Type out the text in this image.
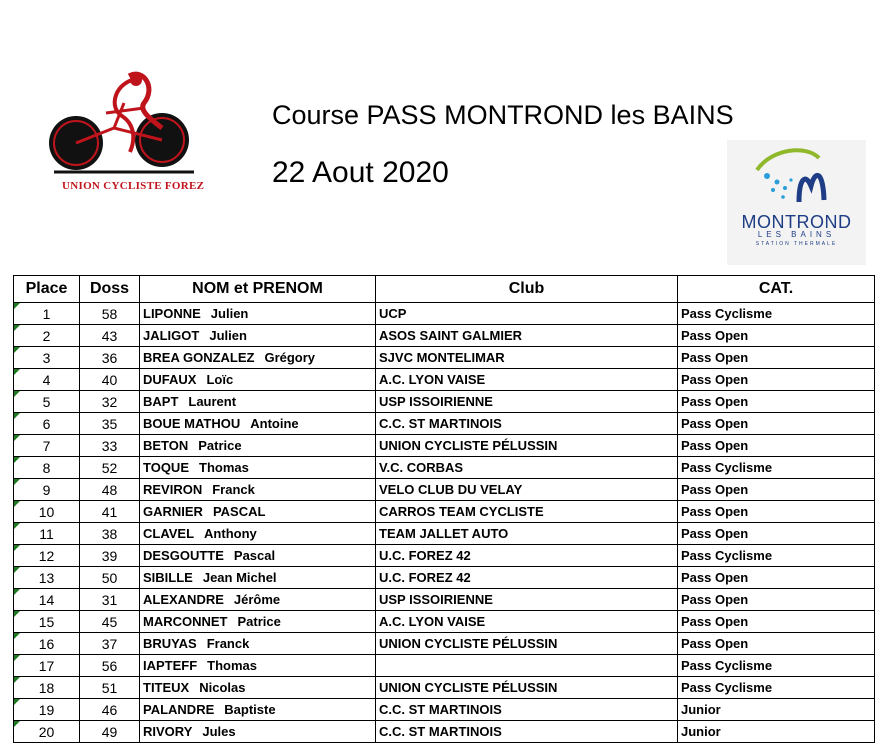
UNION CYCLISTE FOREZ
Course PASS MONTROND les BAINS
22 Aout 2020
MONTROND
LES BAINS
STATION THERMALE
Place	Doss	NOM et PRENOM	Club	CAT.

1	58	LIPONNE Julien	UCP	Pass Cyclisme

2	43	JALIGOT Julien	ASOS SAINT GALMIER	Pass Open

3	36	BREA GONZALEZ Grégory	SJVC MONTELIMAR	Pass Open

4	40	DUFAUX Loïc	A.C. LYON VAISE	Pass Open

5	32	BAPT Laurent	USP ISSOIRIENNE	Pass Open

6	35	BOUE MATHOU Antoine	C.C. ST MARTINOIS	Pass Open

7	33	BETON Patrice	UNION CYCLISTE PÉLUSSIN	Pass Open

8	52	TOQUE Thomas	V.C. CORBAS	Pass Cyclisme

9	48	REVIRON Franck	VELO CLUB DU VELAY	Pass Open

10	41	GARNIER PASCAL	CARROS TEAM CYCLISTE	Pass Open

11	38	CLAVEL Anthony	TEAM JALLET AUTO	Pass Open

12	39	DESGOUTTE Pascal	U.C. FOREZ 42	Pass Cyclisme

13	50	SIBILLE Jean Michel	U.C. FOREZ 42	Pass Open

14	31	ALEXANDRE Jérôme	USP ISSOIRIENNE	Pass Open

15	45	MARCONNET Patrice	A.C. LYON VAISE	Pass Open

16	37	BRUYAS Franck	UNION CYCLISTE PÉLUSSIN	Pass Open

17	56	IAPTEFF Thomas		Pass Cyclisme

18	51	TITEUX Nicolas	UNION CYCLISTE PÉLUSSIN	Pass Cyclisme

19	46	PALANDRE Baptiste	C.C. ST MARTINOIS	Junior

20	49	RIVORY Jules	C.C. ST MARTINOIS	Junior
